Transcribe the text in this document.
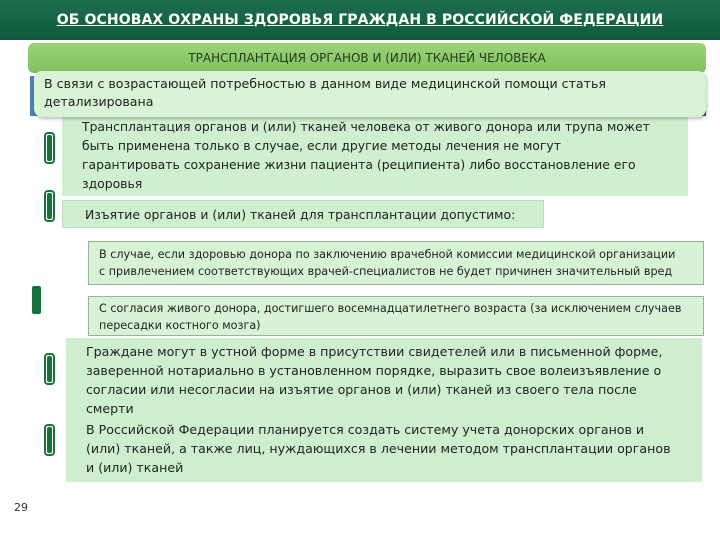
ОБ ОСНОВАХ ОХРАНЫ ЗДОРОВЬЯ ГРАЖДАН В РОССИЙСКОЙ ФЕДЕРАЦИИ
ТРАНСПЛАНТАЦИЯ ОРГАНОВ И (ИЛИ) ТКАНЕЙ ЧЕЛОВЕКА
В связи с возрастающей потребностью в данном виде медицинской помощи статья
детализирована
Трансплантация органов и (или) тканей человека от живого донора или трупа может
быть применена только в случае, если другие методы лечения не могут
гарантировать сохранение жизни пациента (реципиента) либо восстановление его
здоровья
Изъятие органов и (или) тканей для трансплантации допустимо:
В случае, если здоровью донора по заключению врачебной комиссии медицинской организации
с привлечением соответствующих врачей-специалистов не будет причинен значительный вред
С согласия живого донора, достигшего восемнадцатилетнего возраста (за исключением случаев
пересадки костного мозга)
Граждане могут в устной форме в присутствии свидетелей или в письменной форме,
заверенной нотариально в установленном порядке, выразить свое волеизъявление о
согласии или несогласии на изъятие органов и (или) тканей из своего тела после
смерти
В Российской Федерации планируется создать систему учета донорских органов и
(или) тканей, а также лиц, нуждающихся в лечении методом трансплантации органов
и (или) тканей
29
